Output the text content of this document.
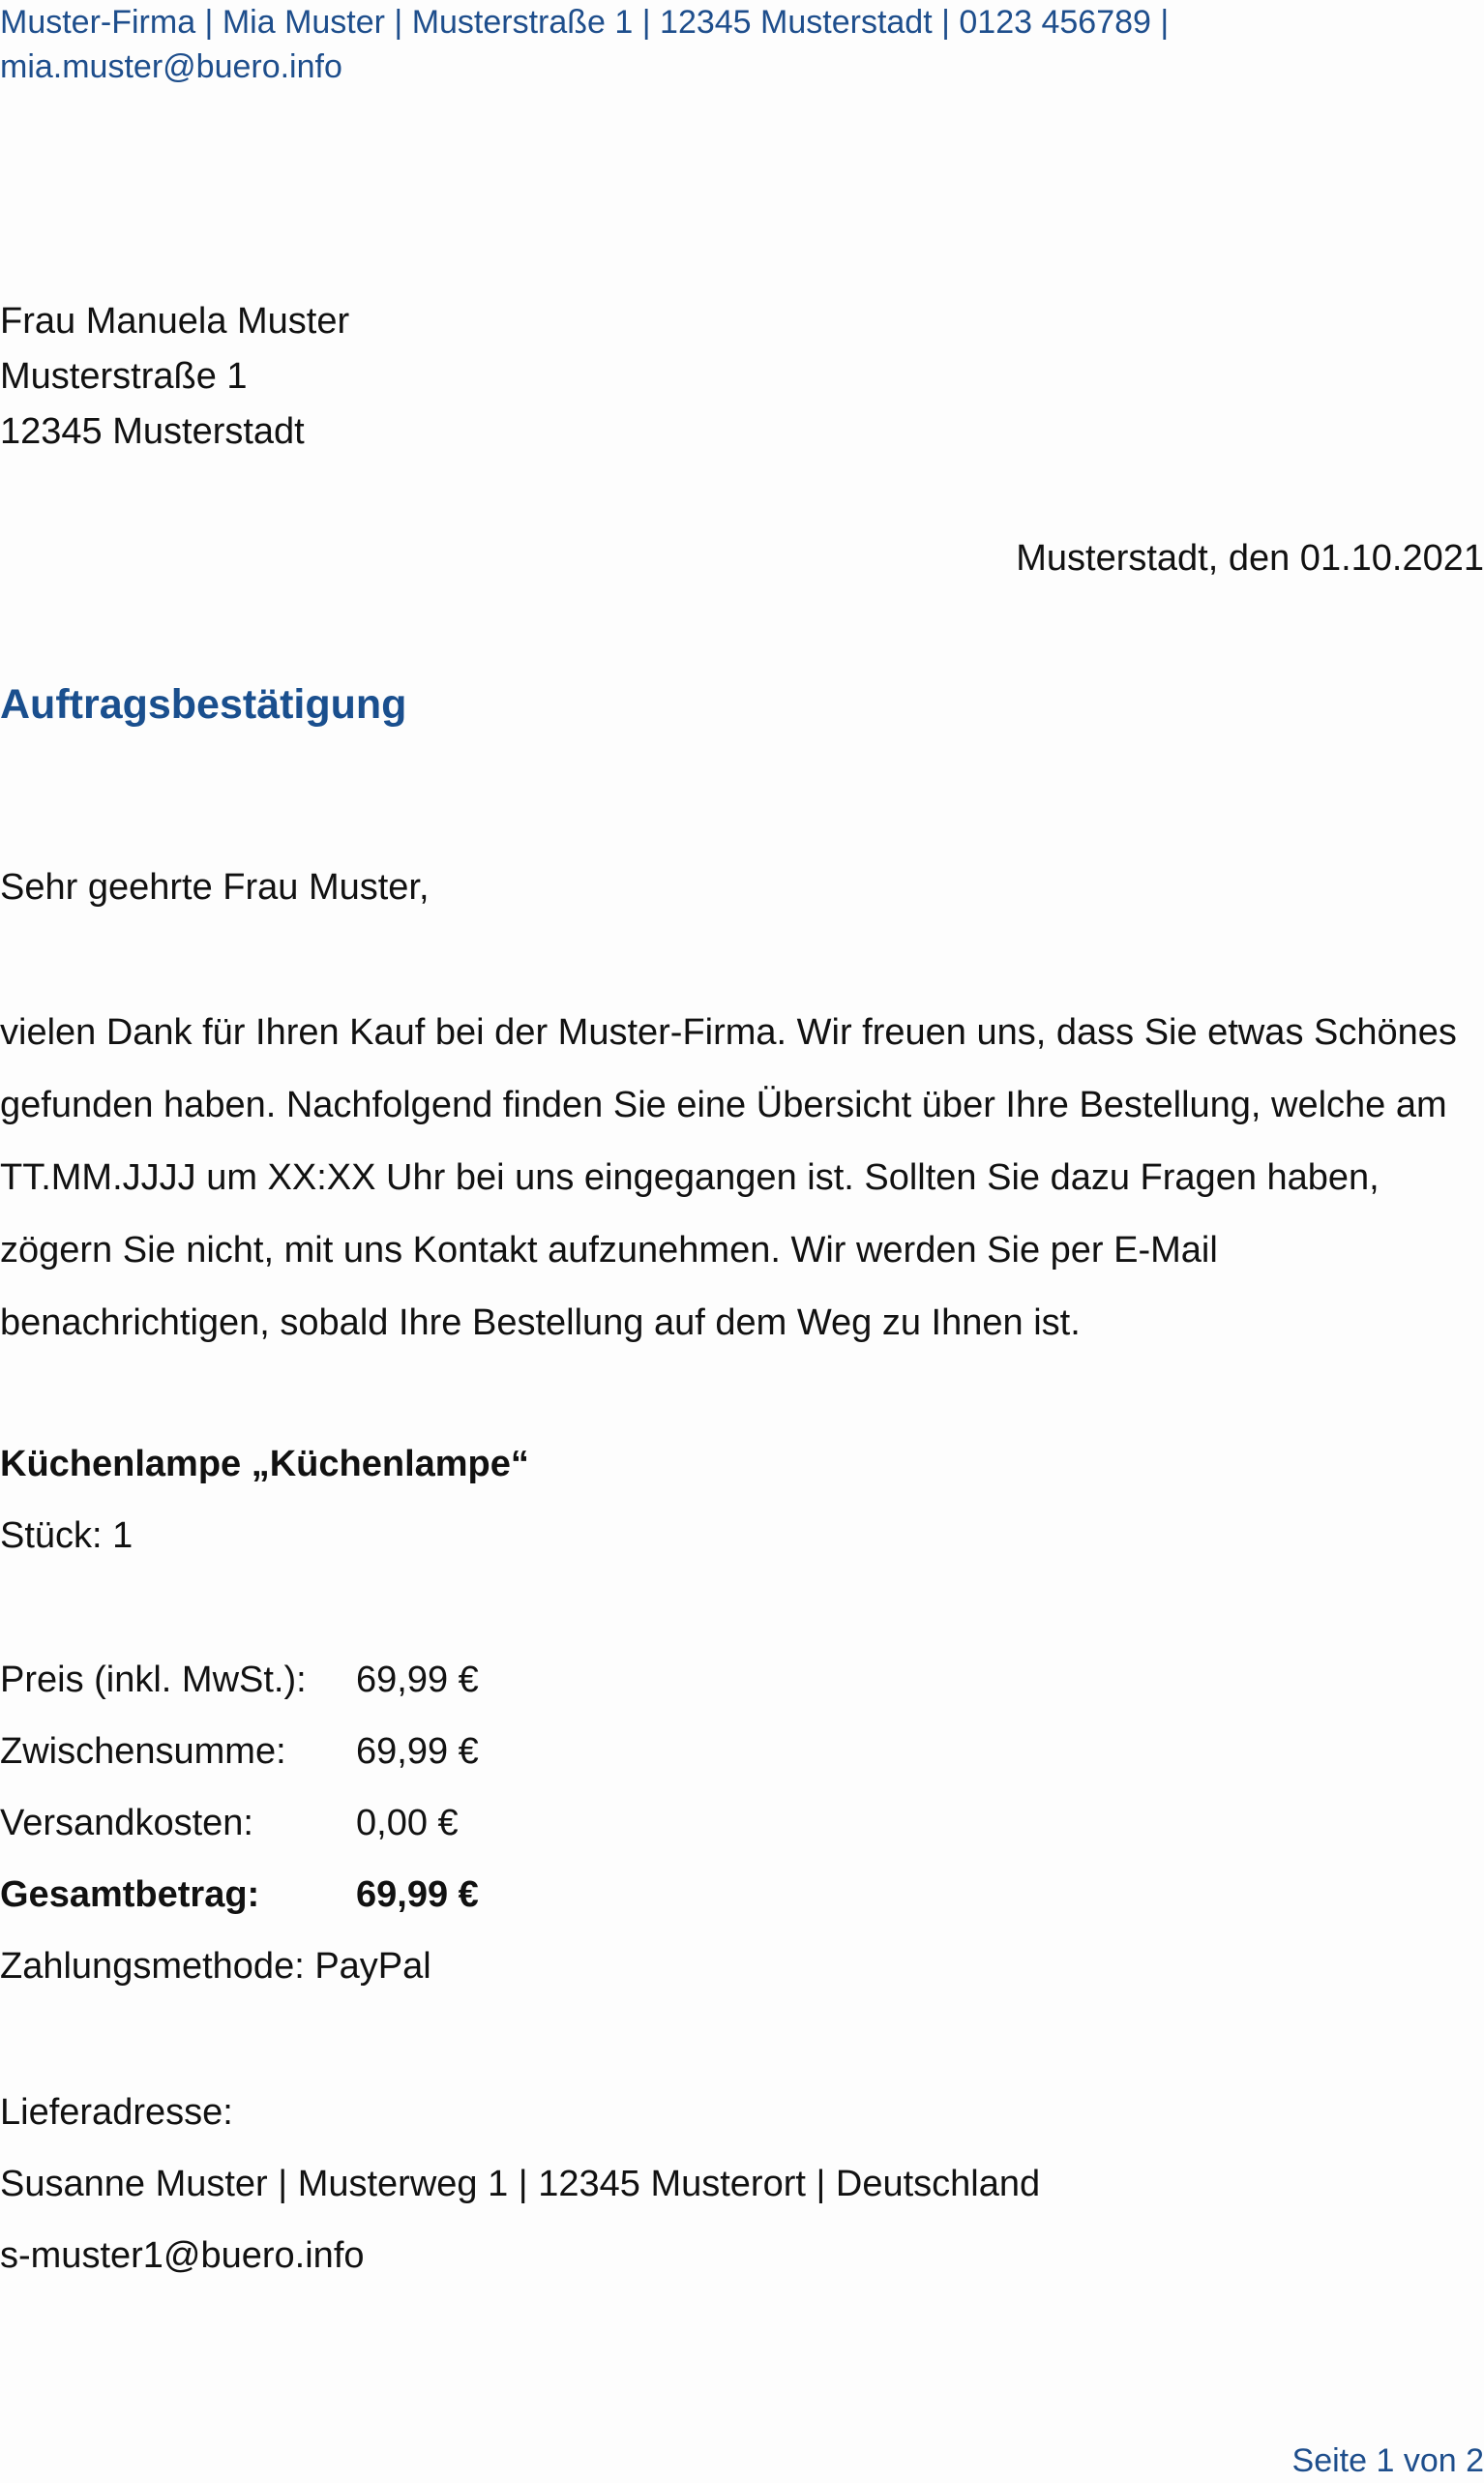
Muster-Firma | Mia Muster | Musterstraße 1 | 12345 Musterstadt | 0123 456789 | mia.muster@buero.info
Frau Manuela Muster
Musterstraße 1
12345 Musterstadt
Musterstadt, den 01.10.2021
Auftragsbestätigung
Sehr geehrte Frau Muster,
vielen Dank für Ihren Kauf bei der Muster-Firma. Wir freuen uns, dass Sie etwas Schönes gefunden haben. Nachfolgend finden Sie eine Übersicht über Ihre Bestellung, welche am TT.MM.JJJJ um XX:XX Uhr bei uns eingegangen ist. Sollten Sie dazu Fragen haben, zögern Sie nicht, mit uns Kontakt aufzunehmen. Wir werden Sie per E-Mail benachrichtigen, sobald Ihre Bestellung auf dem Weg zu Ihnen ist.
Küchenlampe „Küchenlampe“
Stück: 1
Preis (inkl. MwSt.):	69,99 €
Zwischensumme:	69,99 €
Versandkosten:	0,00 €
Gesamtbetrag:	69,99 €
Zahlungsmethode: PayPal
Lieferadresse:
Susanne Muster | Musterweg 1 | 12345 Musterort | Deutschland
s-muster1@buero.info
Seite 1 von 2
